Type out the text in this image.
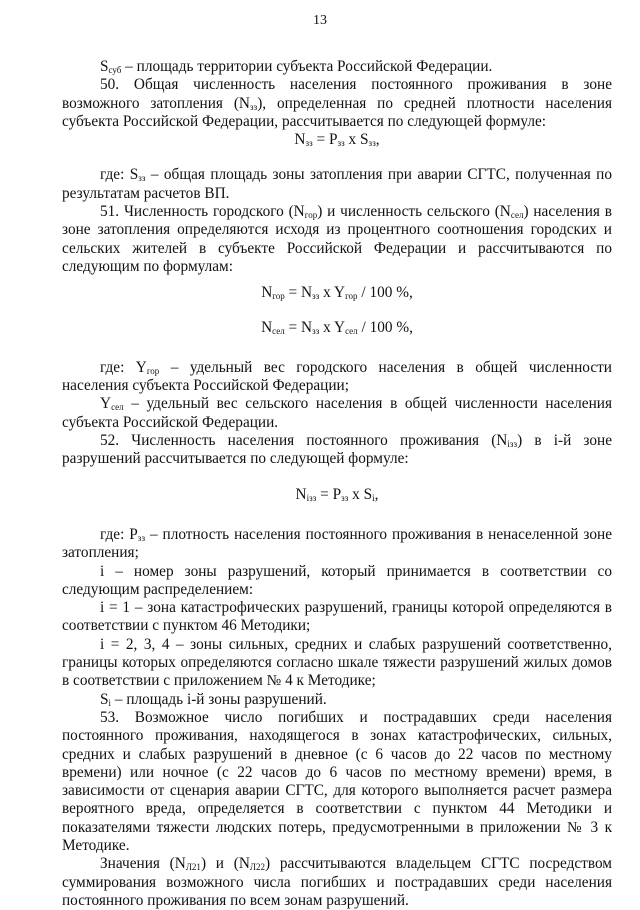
13

$S_{суб}$ – площадь территории субъекта Российской Федерации.

50. Общая численность населения постоянного проживания в зоне возможного затопления $(N_{зз})$, определенная по средней плотности населения субъекта Российской Федерации, рассчитывается по следующей формуле:

$N_{зз} = P_{зз}$ x $S_{зз}$,

где: $S_{зз}$ – общая площадь зоны затопления при аварии СГТС, полученная по результатам расчетов ВП.

51. Численность городского $(N_{гор})$ и численность сельского $(N_{сел})$ населения в зоне затопления определяются исходя из процентного соотношения городских и сельских жителей в субъекте Российской Федерации и рассчитываются по следующим по формулам:

$N_{гор} = N_{зз}$ x $Y_{гор} / 100$ %,

$N_{сел} = N_{зз}$ x $Y_{сел} / 100$ %,

где: $Y_{гор}$ – удельный вес городского населения в общей численности населения субъекта Российской Федерации;

$Y_{сел}$ – удельный вес сельского населения в общей численности населения субъекта Российской Федерации.

52. Численность населения постоянного проживания $(N_{iзз})$ в i-й зоне разрушений рассчитывается по следующей формуле:

$N_{iзз} = P_{зз}$ x $S_i$,

где: $P_{зз}$ – плотность населения постоянного проживания в ненаселенной зоне затопления;

i – номер зоны разрушений, который принимается в соответствии со следующим распределением:

i = 1 – зона катастрофических разрушений, границы которой определяются в соответствии с пунктом 46 Методики;

i = 2, 3, 4 – зоны сильных, средних и слабых разрушений соответственно, границы которых определяются согласно шкале тяжести разрушений жилых домов в соответствии с приложением № 4 к Методике;

$S_i$ – площадь i-й зоны разрушений.

53. Возможное число погибших и пострадавших среди населения постоянного проживания, находящегося в зонах катастрофических, сильных, средних и слабых разрушений в дневное (с 6 часов до 22 часов по местному времени) или ночное (с 22 часов до 6 часов по местному времени) время, в зависимости от сценария аварии СГТС, для которого выполняется расчет размера вероятного вреда, определяется в соответствии с пунктом 44 Методики и показателями тяжести людских потерь, предусмотренными в приложении № 3 к Методике.

Значения $(N_{Л21})$ и $(N_{Л22})$ рассчитываются владельцем СГТС посредством суммирования возможного числа погибших и пострадавших среди населения постоянного проживания по всем зонам разрушений.
